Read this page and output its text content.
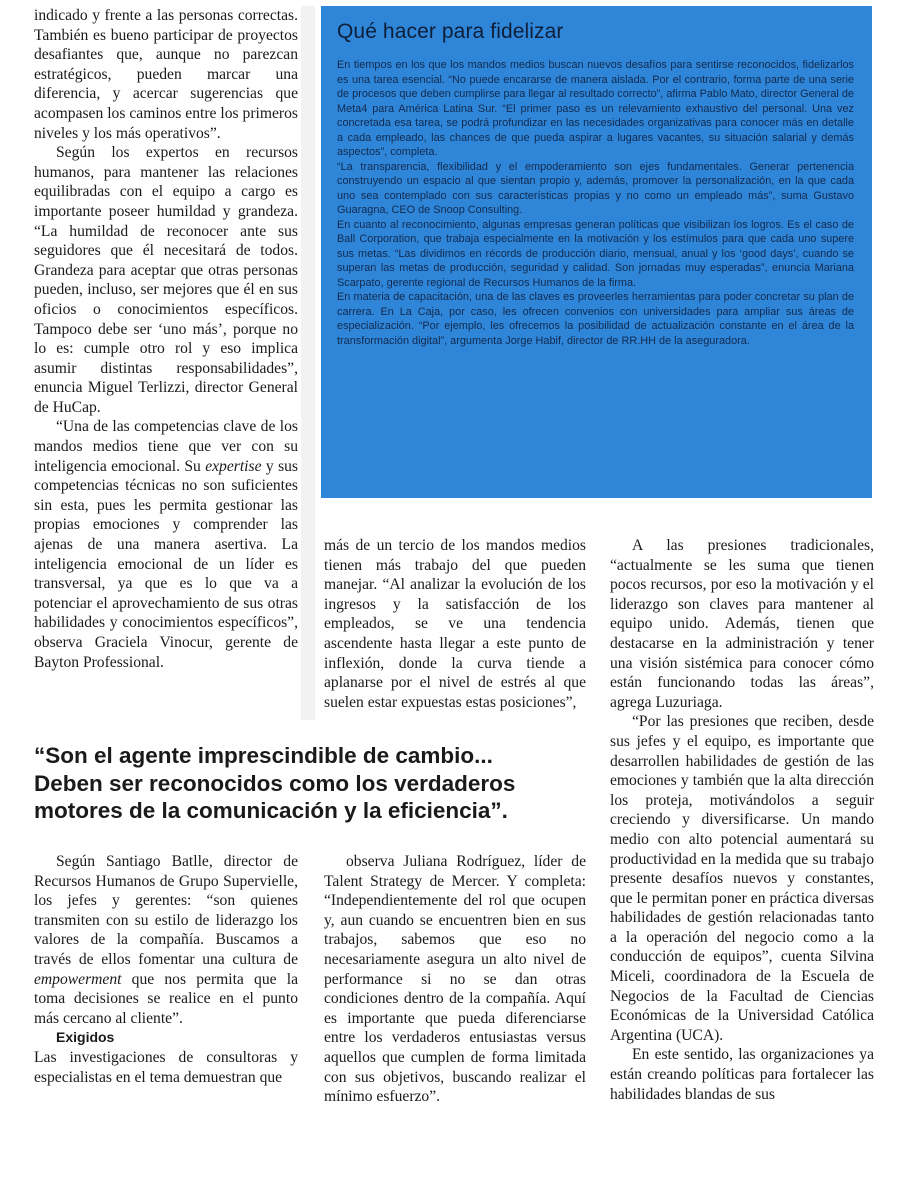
indicado y frente a las personas correctas. También es bueno participar de proyectos desafiantes que, aunque no parezcan estratégicos, pueden marcar una diferencia, y acercar sugerencias que acompasen los caminos entre los primeros niveles y los más operativos”.

Según los expertos en recursos humanos, para mantener las relaciones equilibradas con el equipo a cargo es importante poseer humildad y grandeza. “La humildad de reconocer ante sus seguidores que él necesitará de todos. Grandeza para aceptar que otras personas pueden, incluso, ser mejores que él en sus oficios o conocimientos específicos. Tampoco debe ser ‘uno más’, porque no lo es: cumple otro rol y eso implica asumir distintas responsabilidades”, enuncia Miguel Terlizzi, director General de HuCap.

“Una de las competencias clave de los mandos medios tiene que ver con su inteligencia emocional. Su expertise y sus competencias técnicas no son suficientes sin esta, pues les permita gestionar las propias emociones y comprender las ajenas de una manera asertiva. La inteligencia emocional de un líder es transversal, ya que es lo que va a potenciar el aprovechamiento de sus otras habilidades y conocimientos específicos”, observa Graciela Vinocur, gerente de Bayton Professional.

Qué hacer para fidelizar

En tiempos en los que los mandos medios buscan nuevos desafíos para sentirse reconocidos, fidelizarlos es una tarea esencial. “No puede encararse de manera aislada. Por el contrario, forma parte de una serie de procesos que deben cumplirse para llegar al resultado correcto”, afirma Pablo Mato, director General de Meta4 para América Latina Sur. “El primer paso es un relevamiento exhaustivo del personal. Una vez concretada esa tarea, se podrá profundizar en las necesidades organizativas para conocer más en detalle a cada empleado, las chances de que pueda aspirar a lugares vacantes, su situación salarial y demás aspectos”, completa.

“La transparencia, flexibilidad y el empoderamiento son ejes fundamentales. Generar pertenencia construyendo un espacio al que sientan propio y, además, promover la personalización, en la que cada uno sea contemplado con sus características propias y no como un empleado más”, suma Gustavo Guaragna, CEO de Snoop Consulting.

En cuanto al reconocimiento, algunas empresas generan políticas que visibilizan los logros. Es el caso de Ball Corporation, que trabaja especialmente en la motivación y los estímulos para que cada uno supere sus metas. “Las dividimos en récords de producción diario, mensual, anual y los ‘good days’, cuando se superan las metas de producción, seguridad y calidad. Son jornadas muy esperadas”, enuncia Mariana Scarpato, gerente regional de Recursos Humanos de la firma.

En materia de capacitación, una de las claves es proveerles herramientas para poder concretar su plan de carrera. En La Caja, por caso, les ofrecen convenios con universidades para ampliar sus áreas de especialización. “Por ejemplo, les ofrecemos la posibilidad de actualización constante en el área de la transformación digital”, argumenta Jorge Habif, director de RR.HH de la aseguradora.

más de un tercio de los mandos medios tienen más trabajo del que pueden manejar. “Al analizar la evolución de los ingresos y la satisfacción de los empleados, se ve una tendencia ascendente hasta llegar a este punto de inflexión, donde la curva tiende a aplanarse por el nivel de estrés al que suelen estar expuestas estas posiciones”,

A las presiones tradicionales, “actualmente se les suma que tienen pocos recursos, por eso la motivación y el liderazgo son claves para mantener al equipo unido. Además, tienen que destacarse en la administración y tener una visión sistémica para conocer cómo están funcionando todas las áreas”, agrega Luzuriaga.

“Por las presiones que reciben, desde sus jefes y el equipo, es importante que desarrollen habilidades de gestión de las emociones y también que la alta dirección los proteja, motivándolos a seguir creciendo y diversificarse. Un mando medio con alto potencial aumentará su productividad en la medida que su trabajo presente desafíos nuevos y constantes, que le permitan poner en práctica diversas habilidades de gestión relacionadas tanto a la operación del negocio como a la conducción de equipos”, cuenta Silvina Miceli, coordinadora de la Escuela de Negocios de la Facultad de Ciencias Económicas de la Universidad Católica Argentina (UCA).

En este sentido, las organizaciones ya están creando políticas para fortalecer las habilidades blandas de sus

“Son el agente imprescindible de cambio...
Deben ser reconocidos como los verdaderos
motores de la comunicación y la eficiencia”.

Según Santiago Batlle, director de Recursos Humanos de Grupo Supervielle, los jefes y gerentes: “son quienes transmiten con su estilo de liderazgo los valores de la compañía. Buscamos a través de ellos fomentar una cultura de empowerment que nos permita que la toma decisiones se realice en el punto más cercano al cliente”.

Exigidos

Las investigaciones de consultoras y especialistas en el tema demuestran que

observa Juliana Rodríguez, líder de Talent Strategy de Mercer. Y completa: “Independientemente del rol que ocupen y, aun cuando se encuentren bien en sus trabajos, sabemos que eso no necesariamente asegura un alto nivel de performance si no se dan otras condiciones dentro de la compañía. Aquí es importante que pueda diferenciarse entre los verdaderos entusiastas versus aquellos que cumplen de forma limitada con sus objetivos, buscando realizar el mínimo esfuerzo”.
